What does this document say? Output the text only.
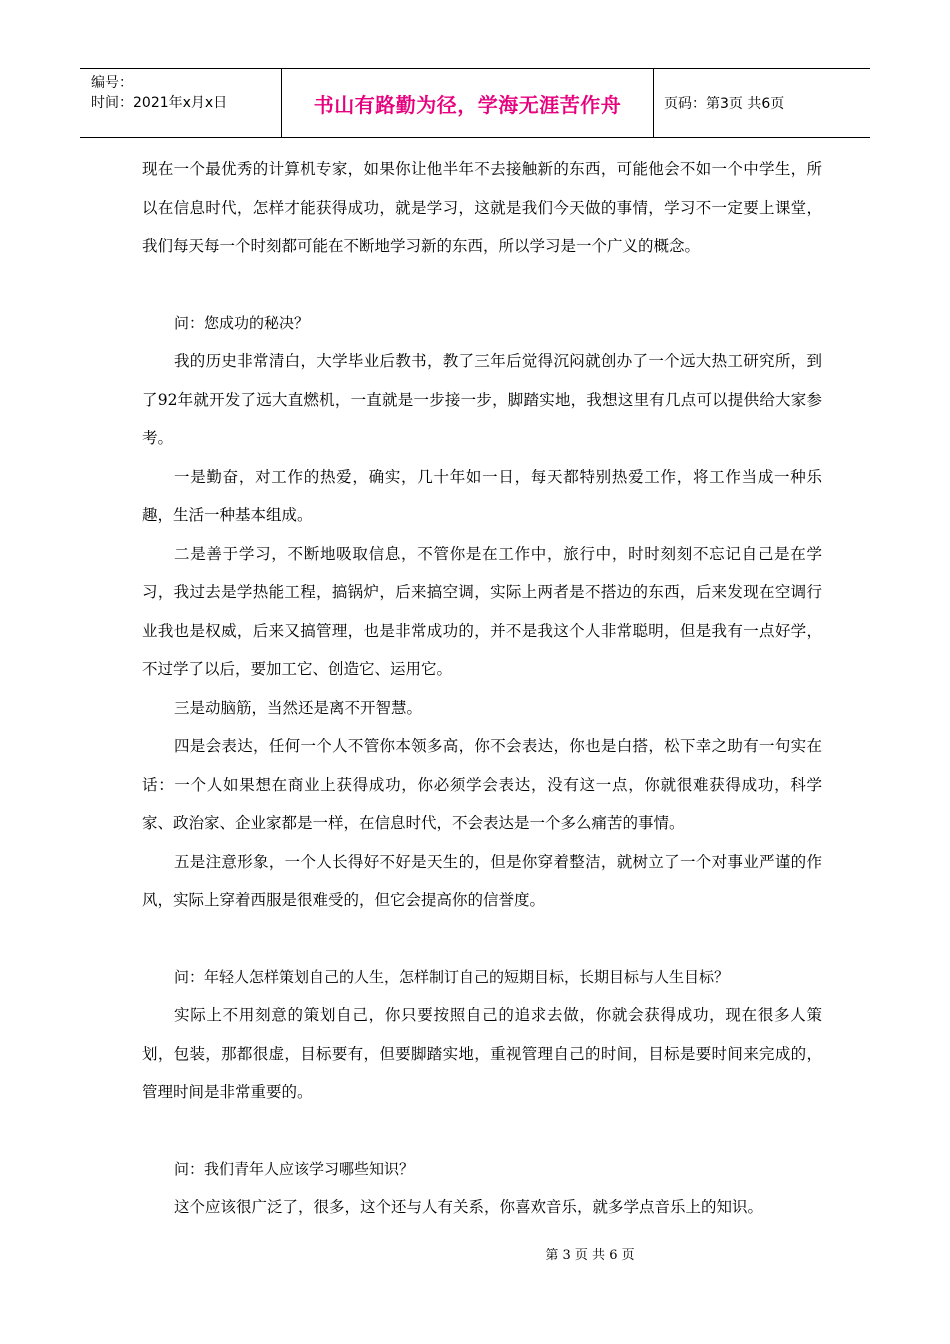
编号：
时间：2021年x月x日	书山有路勤为径，学海无涯苦作舟	页码：第3页 共6页

现在一个最优秀的计算机专家，如果你让他半年不去接触新的东西，可能他会不如一个中学生，所以在信息时代，怎样才能获得成功，就是学习，这就是我们今天做的事情，学习不一定要上课堂， 我们每天每一个时刻都可能在不断地学习新的东西，所以学习是一个广义的概念。

问：您成功的秘决？

我的历史非常清白，大学毕业后教书，教了三年后觉得沉闷就创办了一个远大热工研究所，到了92年就开发了远大直燃机，一直就是一步接一步，脚踏实地，我想这里有几点可以提供给大家参考。

一是勤奋，对工作的热爱，确实，几十年如一日，每天都特别热爱工作，将工作当成一种乐趣，生活一种基本组成。

二是善于学习，不断地吸取信息，不管你是在工作中，旅行中，时时刻刻不忘记自己是在学习，我过去是学热能工程，搞锅炉，后来搞空调，实际上两者是不搭边的东西，后来发现在空调行业我也是权威，后来又搞管理，也是非常成功的，并不是我这个人非常聪明，但是我有一点好学，不过学了以后，要加工它、创造它、运用它。

三是动脑筋，当然还是离不开智慧。

四是会表达，任何一个人不管你本领多高，你不会表达，你也是白搭，松下幸之助有一句实在话：一个人如果想在商业上获得成功，你必须学会表达，没有这一点，你就很难获得成功，科学家、政治家、企业家都是一样，在信息时代，不会表达是一个多么痛苦的事情。

五是注意形象，一个人长得好不好是天生的，但是你穿着整洁，就树立了一个对事业严谨的作风，实际上穿着西服是很难受的，但它会提高你的信誉度。

问：年轻人怎样策划自己的人生，怎样制订自己的短期目标，长期目标与人生目标？

实际上不用刻意的策划自己，你只要按照自己的追求去做，你就会获得成功，现在很多人策划，包装，那都很虚，目标要有，但要脚踏实地，重视管理自己的时间，目标是要时间来完成的，管理时间是非常重要的。

问：我们青年人应该学习哪些知识？

这个应该很广泛了，很多，这个还与人有关系，你喜欢音乐，就多学点音乐上的知识。

第 3 页 共 6 页
